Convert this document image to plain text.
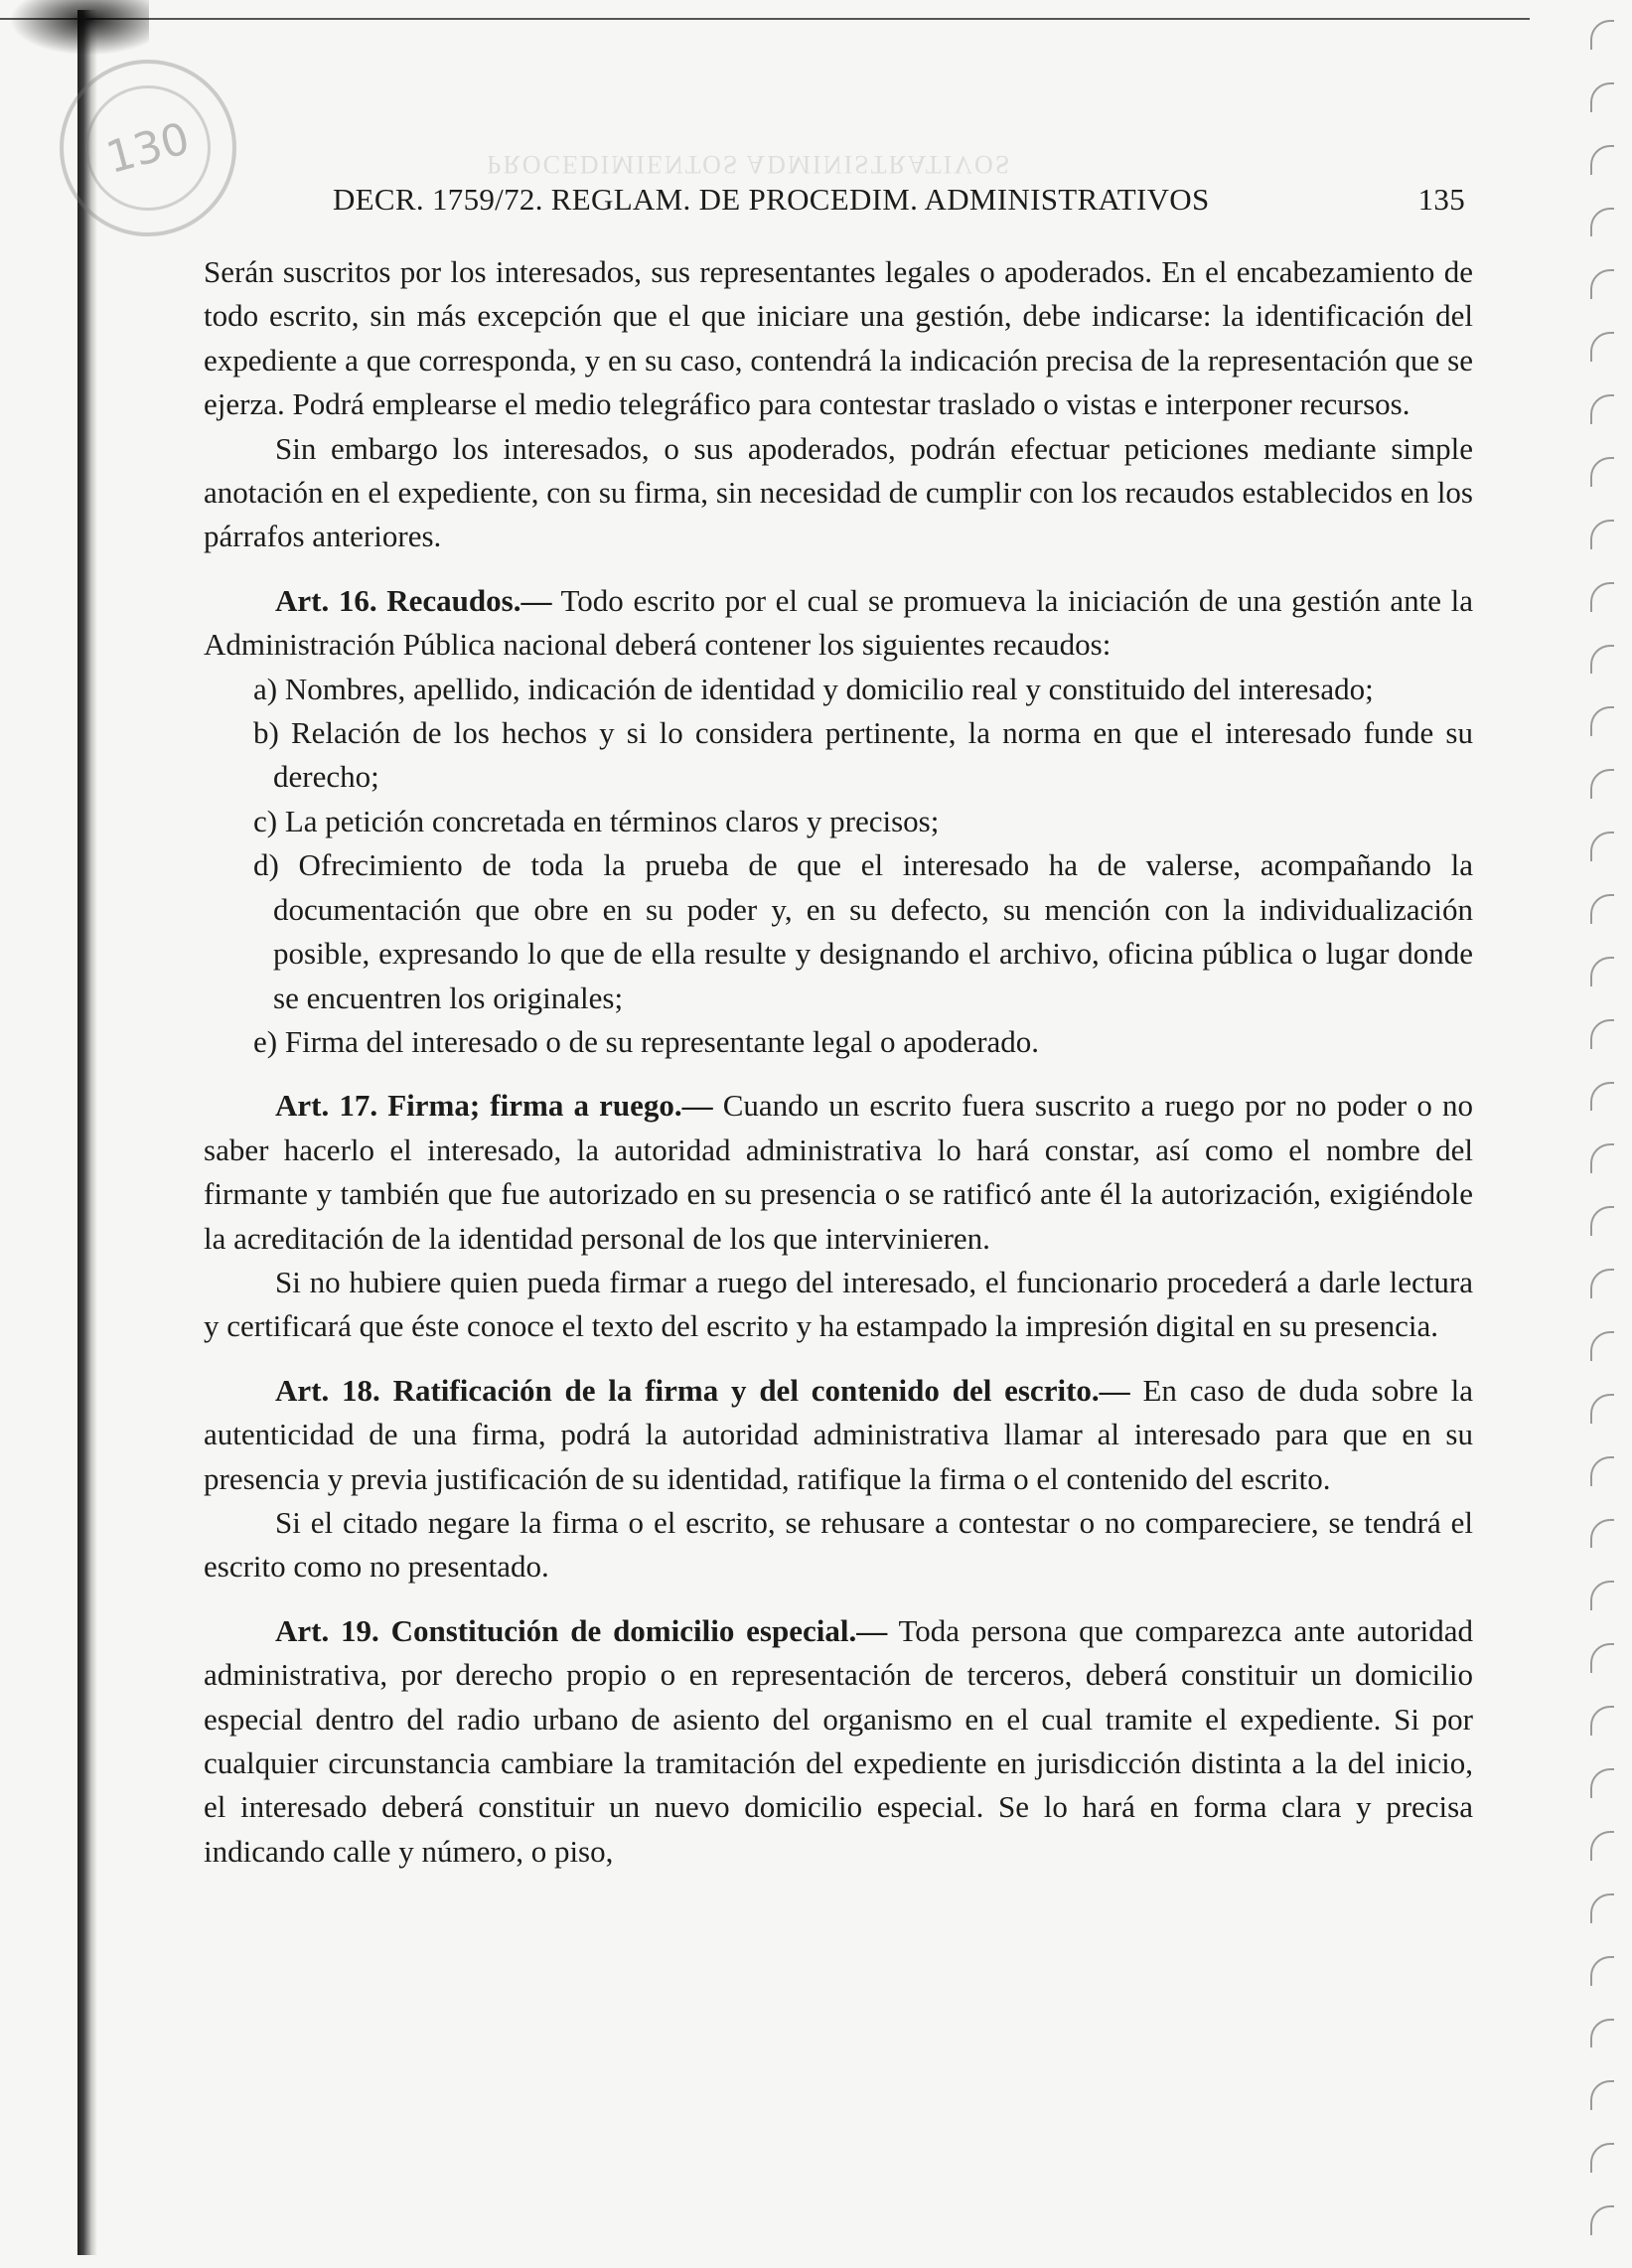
130	PROCEDIMIENTOS ADMINISTRATIVOS
DECR. 1759/72. REGLAM. DE PROCEDIM. ADMINISTRATIVOS	135

Serán suscritos por los interesados, sus representantes legales o apoderados. En el encabezamiento de todo escrito, sin más excepción que el que iniciare una gestión, debe indicarse: la identificación del expediente a que corresponda, y en su caso, contendrá la indicación precisa de la representación que se ejerza. Podrá emplearse el medio telegráfico para contestar traslado o vistas e interponer recursos.

Sin embargo los interesados, o sus apoderados, podrán efectuar peticiones mediante simple anotación en el expediente, con su firma, sin necesidad de cumplir con los recaudos establecidos en los párrafos anteriores.

Art. 16. Recaudos.— Todo escrito por el cual se promueva la iniciación de una gestión ante la Administración Pública nacional deberá contener los siguientes recaudos:

a) Nombres, apellido, indicación de identidad y domicilio real y constituido del interesado;

b) Relación de los hechos y si lo considera pertinente, la norma en que el interesado funde su derecho;

c) La petición concretada en términos claros y precisos;

d) Ofrecimiento de toda la prueba de que el interesado ha de valerse, acompañando la documentación que obre en su poder y, en su defecto, su mención con la individualización posible, expresando lo que de ella resulte y designando el archivo, oficina pública o lugar donde se encuentren los originales;

e) Firma del interesado o de su representante legal o apoderado.

Art. 17. Firma; firma a ruego.— Cuando un escrito fuera suscrito a ruego por no poder o no saber hacerlo el interesado, la autoridad administrativa lo hará constar, así como el nombre del firmante y también que fue autorizado en su presencia o se ratificó ante él la autorización, exigiéndole la acreditación de la identidad personal de los que intervinieren.

Si no hubiere quien pueda firmar a ruego del interesado, el funcionario procederá a darle lectura y certificará que éste conoce el texto del escrito y ha estampado la impresión digital en su presencia.

Art. 18. Ratificación de la firma y del contenido del escrito.— En caso de duda sobre la autenticidad de una firma, podrá la autoridad administrativa llamar al interesado para que en su presencia y previa justificación de su identidad, ratifique la firma o el contenido del escrito.

Si el citado negare la firma o el escrito, se rehusare a contestar o no compareciere, se tendrá el escrito como no presentado.

Art. 19. Constitución de domicilio especial.— Toda persona que comparezca ante autoridad administrativa, por derecho propio o en representación de terceros, deberá constituir un domicilio especial dentro del radio urbano de asiento del organismo en el cual tramite el expediente. Si por cualquier circunstancia cambiare la tramitación del expediente en jurisdicción distinta a la del inicio, el interesado deberá constituir un nuevo domicilio especial. Se lo hará en forma clara y precisa indicando calle y número, o piso,
